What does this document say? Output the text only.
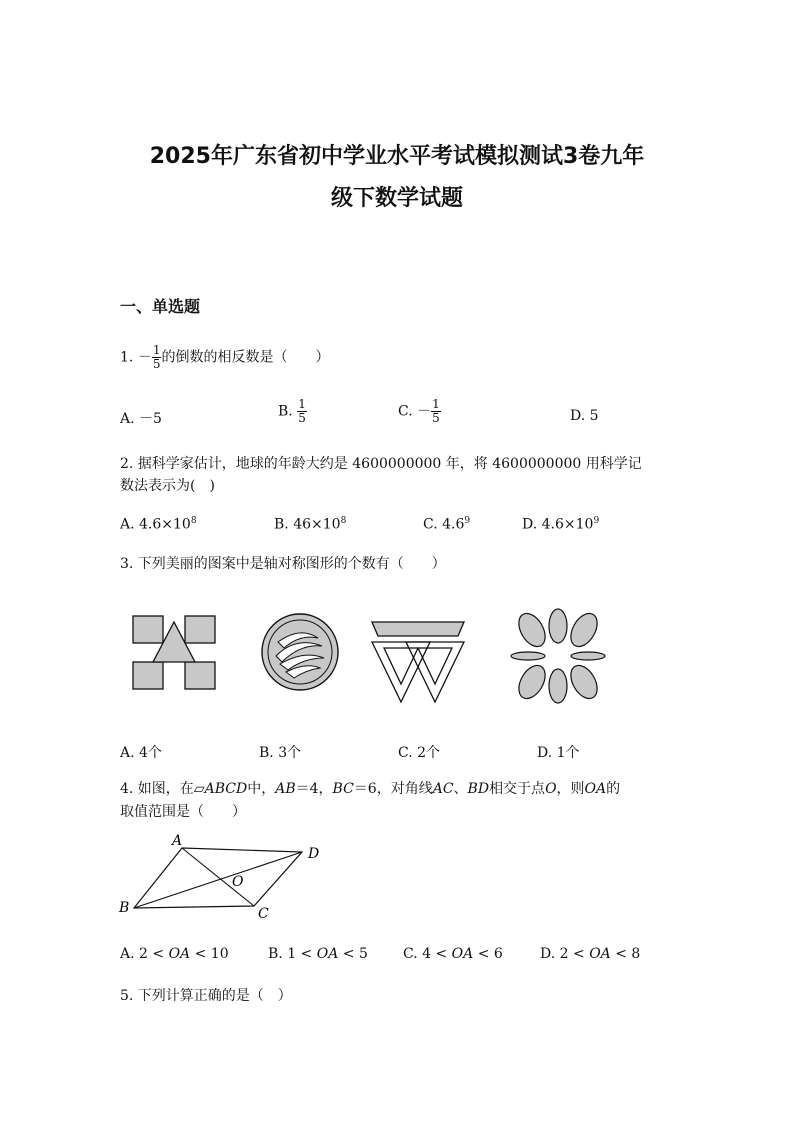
2025年广东省初中学业水平考试模拟测试3卷九年
级下数学试题
一、单选题
1. － $\frac{1}{5}$ 的倒数的相反数是（　　）
A. －5	B. $\frac{1}{5}$	C. － $\frac{1}{5}$	D. 5
2. 据科学家估计，地球的年龄大约是 4600000000 年，将 4600000000 用科学记
数法表示为(　)
A. $4.6\times 10^8$	B. $46\times 10^8$	C. $4.6^9$	D. $4.6\times 10^9$
3. 下列美丽的图案中是轴对称图形的个数有（　　）
A. 4个	B. 3个	C. 2个	D. 1个
4. 如图，在▱ABCD中，AB＝4，BC＝6，对角线AC、BD相交于点O，则OA的
取值范围是（　　）
A
D
B	C
O
A. 2 < OA < 10	B. 1 < OA < 5	C. 4 < OA < 6	D. 2 < OA < 8
5. 下列计算正确的是（　）
